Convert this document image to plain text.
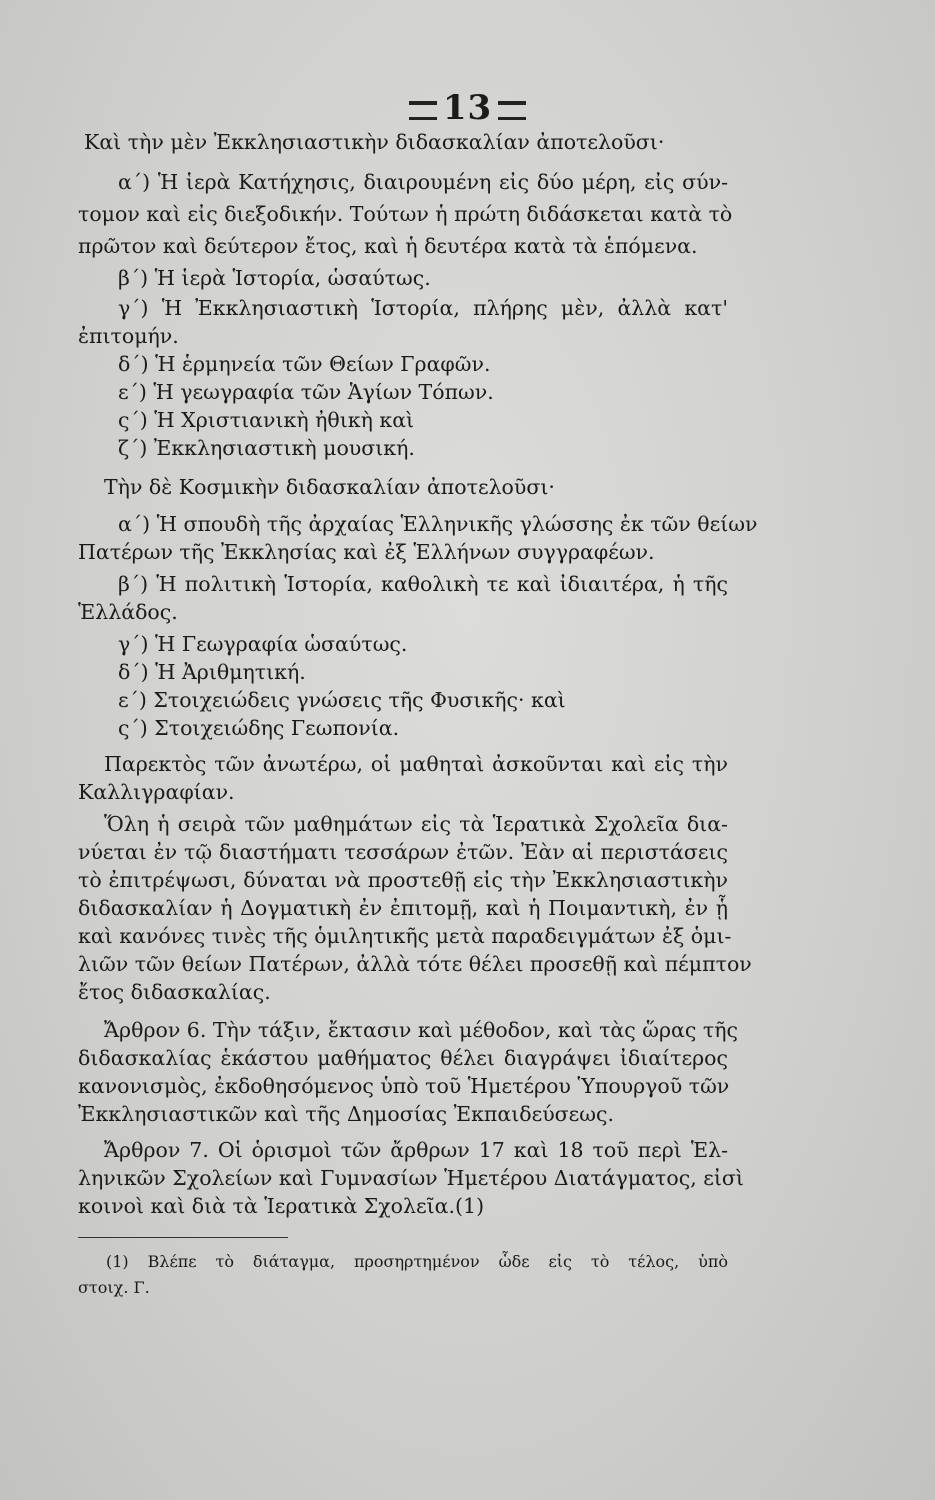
13
Καὶ τὴν μὲν Ἐκκλησιαστικὴν διδασκαλίαν ἀποτελοῦσι·
α΄) Ἡ ἱερὰ Κατήχησις, διαιρουμένη εἰς δύο μέρη, εἰς σύν-
τομον καὶ εἰς διεξοδικήν. Τούτων ἡ πρώτη διδάσκεται κατὰ τὸ
πρῶτον καὶ δεύτερον ἔτος, καὶ ἡ δευτέρα κατὰ τὰ ἑπόμενα.
β΄) Ἡ ἱερὰ Ἱστορία, ὡσαύτως.
γ΄) Ἡ Ἐκκλησιαστικὴ Ἱστορία, πλήρης μὲν, ἀλλὰ κατ'
ἐπιτομήν.
δ΄) Ἡ ἑρμηνεία τῶν Θείων Γραφῶν.
ε΄) Ἡ γεωγραφία τῶν Ἁγίων Τόπων.
ς΄) Ἡ Χριστιανικὴ ἠθικὴ καὶ
ζ΄) Ἐκκλησιαστικὴ μουσική.
Τὴν δὲ Κοσμικὴν διδασκαλίαν ἀποτελοῦσι·
α΄) Ἡ σπουδὴ τῆς ἀρχαίας Ἑλληνικῆς γλώσσης ἐκ τῶν θείων
Πατέρων τῆς Ἐκκλησίας καὶ ἐξ Ἑλλήνων συγγραφέων.
β΄) Ἡ πολιτικὴ Ἱστορία, καθολικὴ τε καὶ ἰδιαιτέρα, ἡ τῆς
Ἑλλάδος.
γ΄) Ἡ Γεωγραφία ὡσαύτως.
δ΄) Ἡ Ἀριθμητική.
ε΄) Στοιχειώδεις γνώσεις τῆς Φυσικῆς· καὶ
ς΄) Στοιχειώδης Γεωπονία.
Παρεκτὸς τῶν ἀνωτέρω, οἱ μαθηταὶ ἀσκοῦνται καὶ εἰς τὴν
Καλλιγραφίαν.
Ὅλη ἡ σειρὰ τῶν μαθημάτων εἰς τὰ Ἱερατικὰ Σχολεῖα δια-
νύεται ἐν τῷ διαστήματι τεσσάρων ἐτῶν. Ἐὰν αἱ περιστάσεις
τὸ ἐπιτρέψωσι, δύναται νὰ προστεθῇ εἰς τὴν Ἐκκλησιαστικὴν
διδασκαλίαν ἡ Δογματικὴ ἐν ἐπιτομῇ, καὶ ἡ Ποιμαντικὴ, ἐν ᾗ
καὶ κανόνες τινὲς τῆς ὁμιλητικῆς μετὰ παραδειγμάτων ἐξ ὁμι-
λιῶν τῶν θείων Πατέρων, ἀλλὰ τότε θέλει προσεθῇ καὶ πέμπτον
ἔτος διδασκαλίας.
Ἄρθρον 6. Τὴν τάξιν, ἔκτασιν καὶ μέθοδον, καὶ τὰς ὥρας τῆς
διδασκαλίας ἑκάστου μαθήματος θέλει διαγράψει ἰδιαίτερος
κανονισμὸς, ἐκδοθησόμενος ὑπὸ τοῦ Ἡμετέρου Ὑπουργοῦ τῶν
Ἐκκλησιαστικῶν καὶ τῆς Δημοσίας Ἐκπαιδεύσεως.
Ἄρθρον 7. Οἱ ὁρισμοὶ τῶν ἄρθρων 17 καὶ 18 τοῦ περὶ Ἑλ-
ληνικῶν Σχολείων καὶ Γυμνασίων Ἡμετέρου Διατάγματος, εἰσὶ
κοινοὶ καὶ διὰ τὰ Ἱερατικὰ Σχολεῖα.(1)
(1) Βλέπε τὸ διάταγμα, προσηρτημένον ὧδε εἰς τὸ τέλος, ὑπὸ
στοιχ. Γ.
